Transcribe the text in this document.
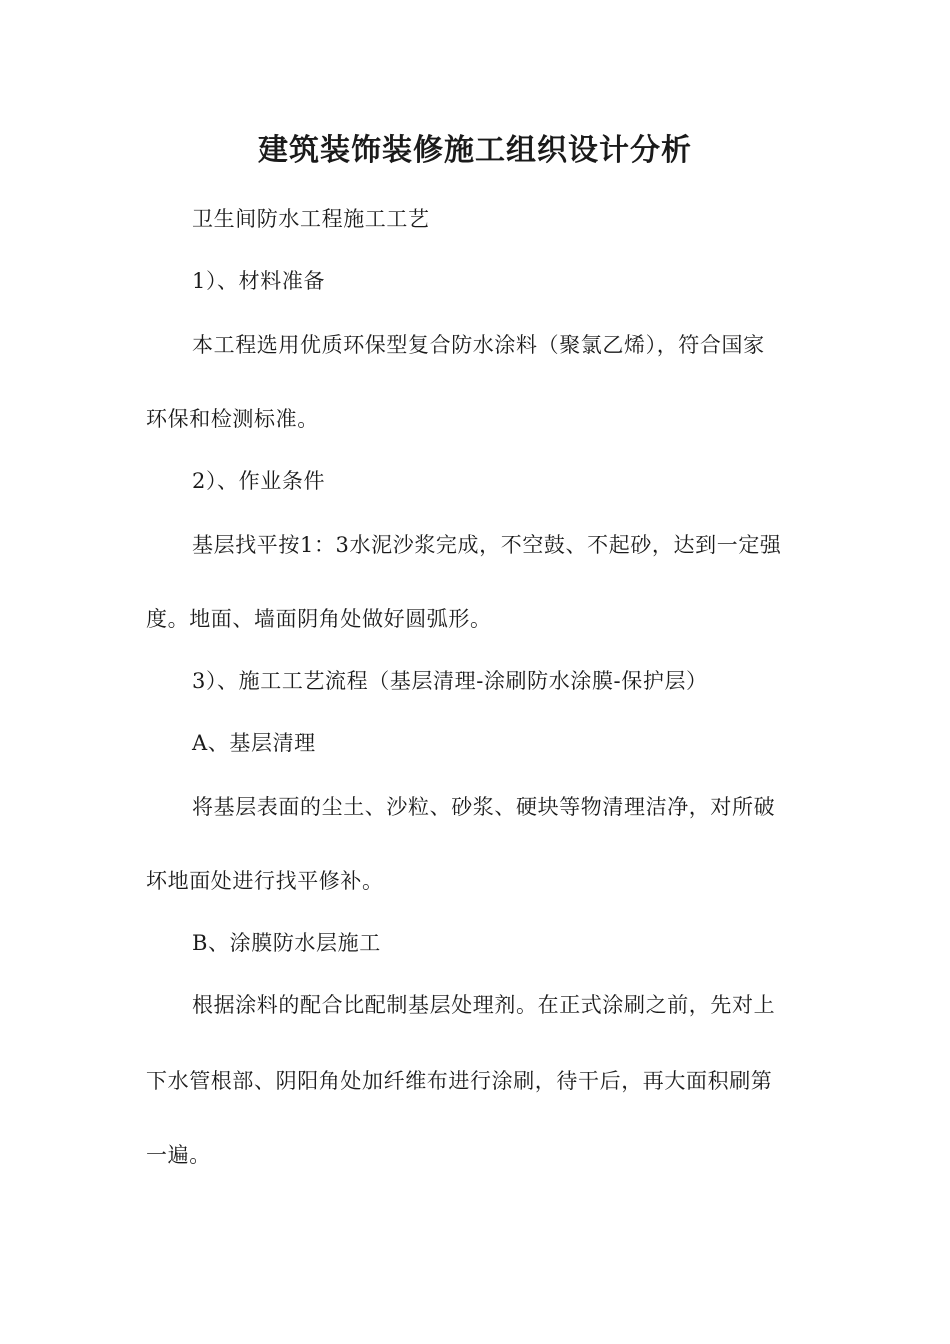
建筑装饰装修施工组织设计分析
卫生间防水工程施工工艺
1）、材料准备
本工程选用优质环保型复合防水涂料（聚氯乙烯），符合国家
环保和检测标准。
2）、作业条件
基层找平按1：3水泥沙浆完成，不空鼓、不起砂，达到一定强
度。地面、墙面阴角处做好圆弧形。
3）、施工工艺流程（基层清理-涂刷防水涂膜-保护层）
A、基层清理
将基层表面的尘土、沙粒、砂浆、硬块等物清理洁净，对所破
坏地面处进行找平修补。
B、涂膜防水层施工
根据涂料的配合比配制基层处理剂。在正式涂刷之前，先对上
下水管根部、阴阳角处加纤维布进行涂刷，待干后，再大面积刷第
一遍。
